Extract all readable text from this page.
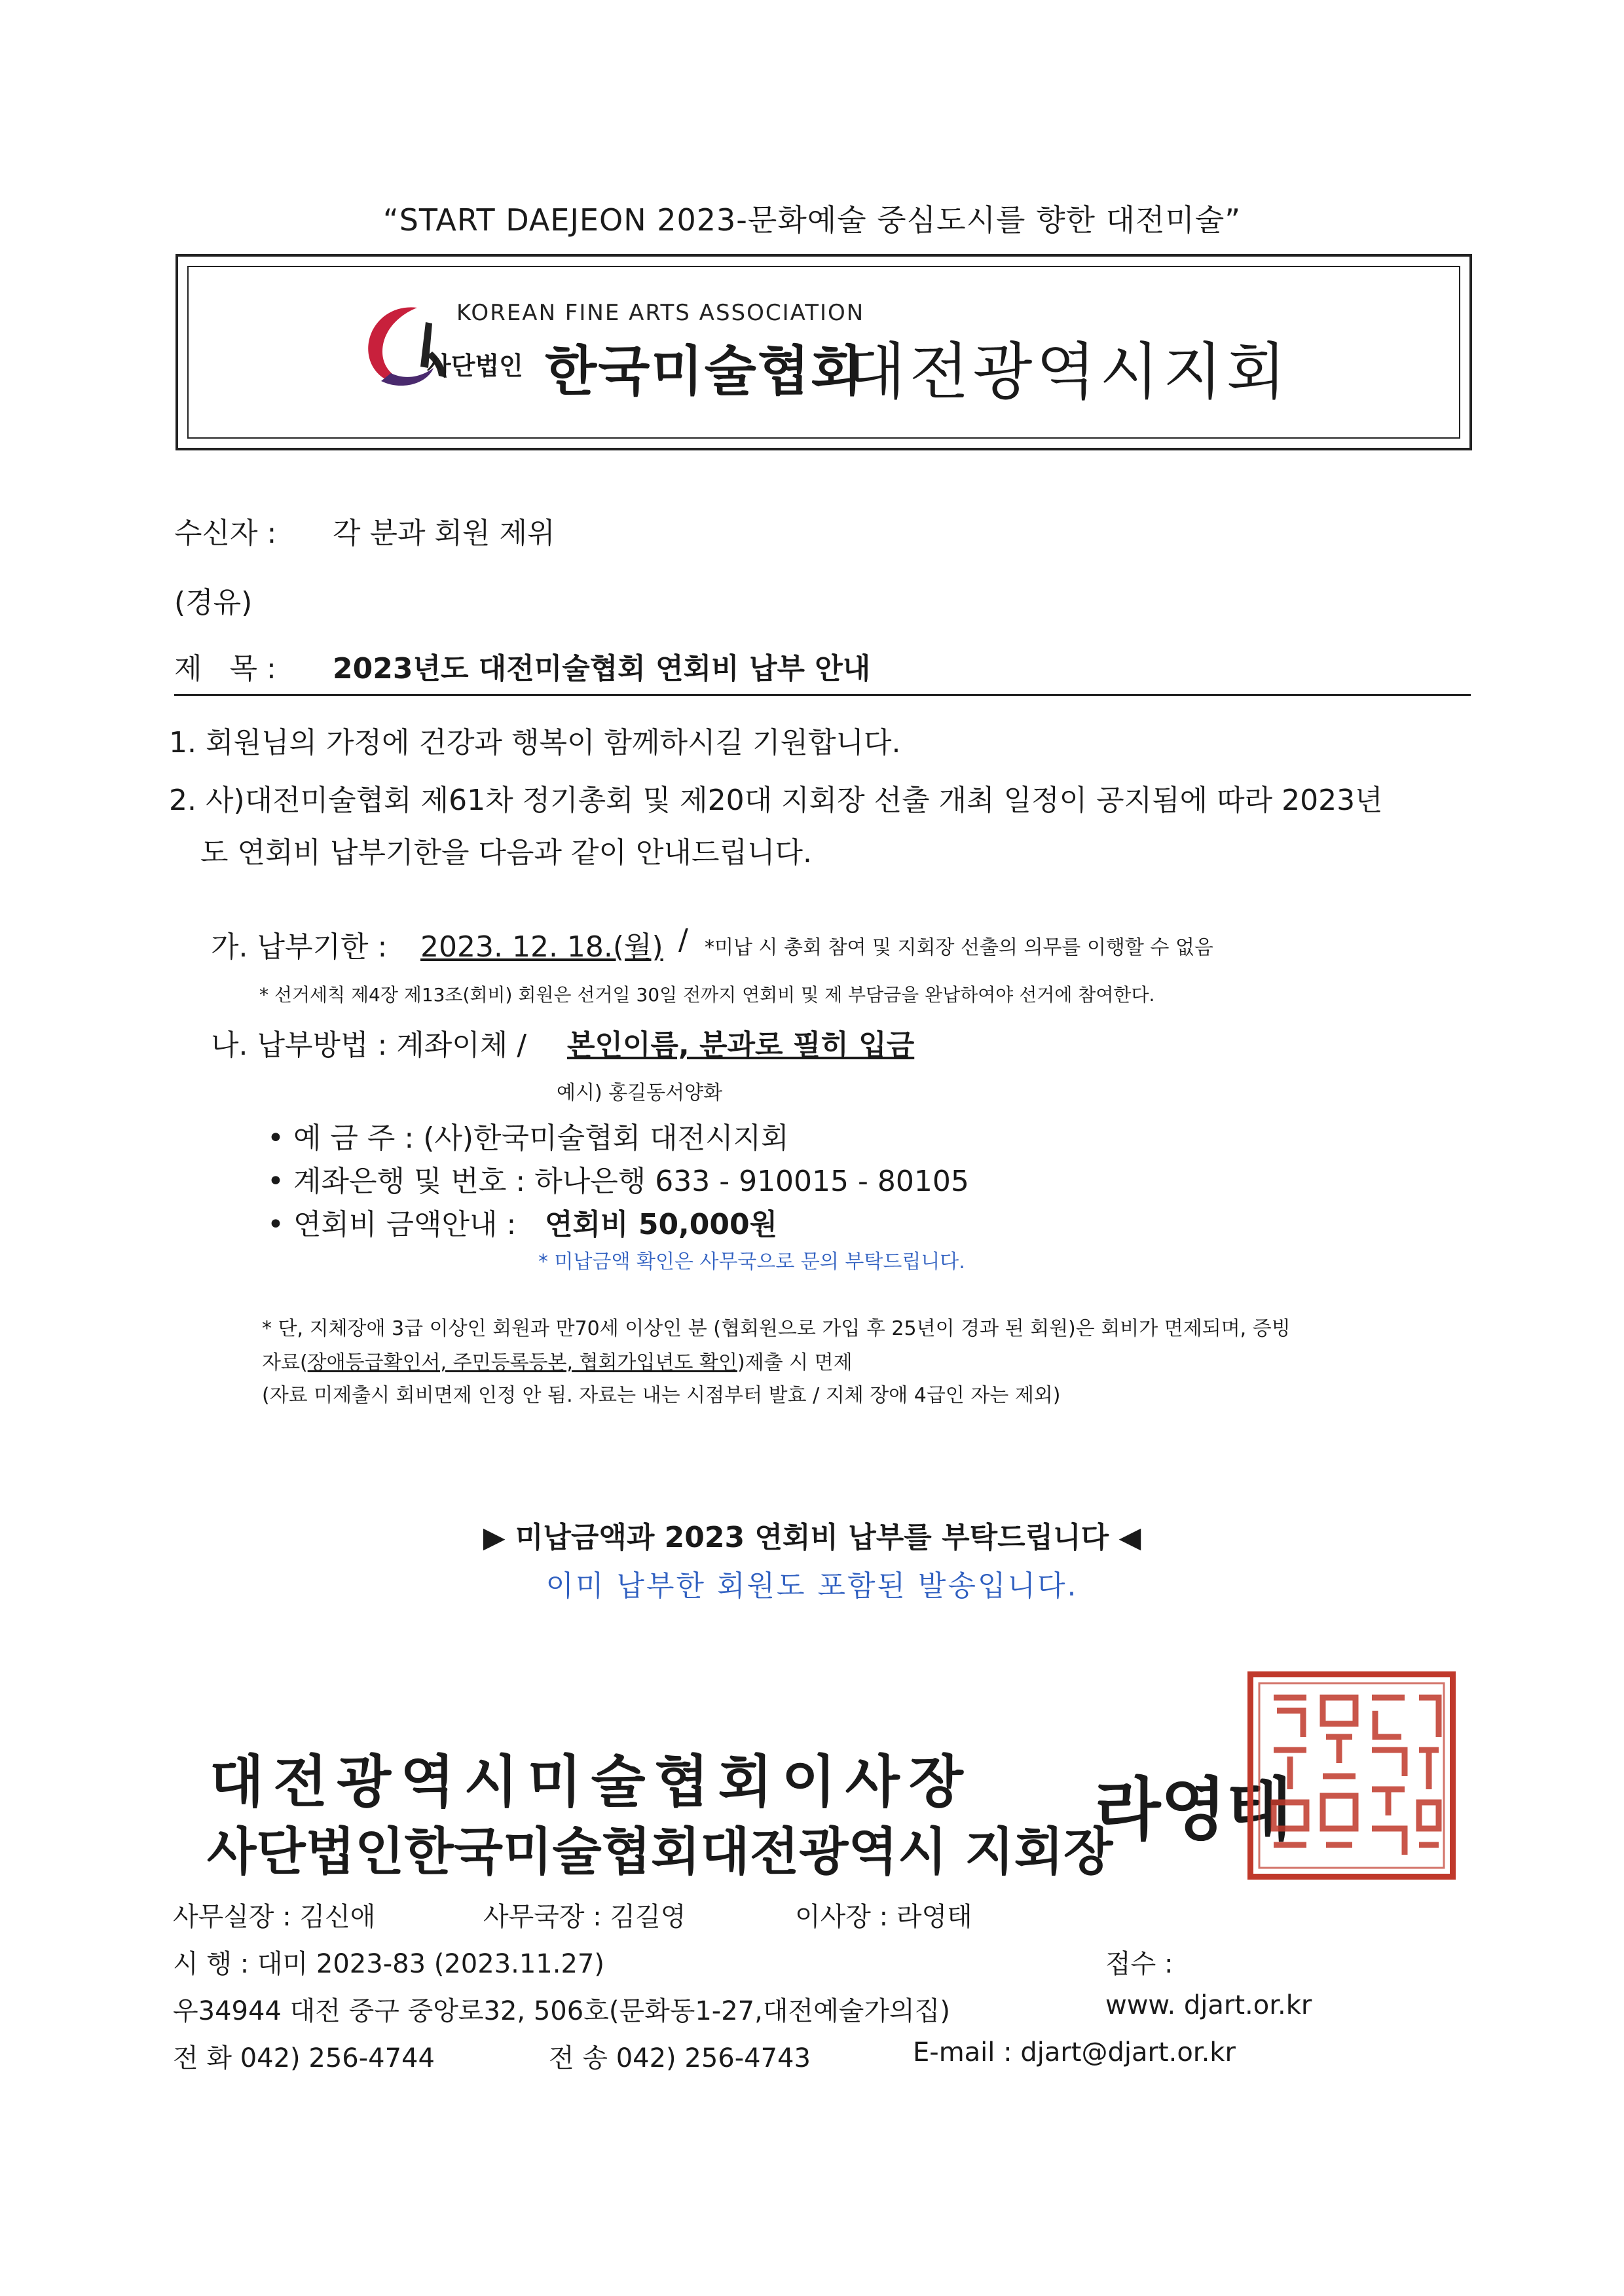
“START DAEJEON 2023-문화예술 중심도시를 향한 대전미술”
KOREAN FINE ARTS ASSOCIATION
사단법인 한국미술협회
대전광역시지회
수신자 : 각 분과 회원 제위
(경유)
제   목 : 2023년도 대전미술협회 연회비 납부 안내
1. 회원님의 가정에 건강과 행복이 함께하시길 기원합니다.
2. 사)대전미술협회 제61차 정기총회 및 제20대 지회장 선출 개최 일정이 공지됨에 따라 2023년
도 연회비 납부기한을 다음과 같이 안내드립니다.
가. 납부기한 : 2023. 12. 18.(월) / *미납 시 총회 참여 및 지회장 선출의 의무를 이행할 수 없음
* 선거세칙 제4장 제13조(회비) 회원은 선거일 30일 전까지 연회비 및 제 부담금을 완납하여야 선거에 참여한다.
나. 납부방법 : 계좌이체 / 본인이름, 분과로 필히 입금
예시) 홍길동서양화
• 예 금 주 : (사)한국미술협회 대전시지회
• 계좌은행 및 번호 : 하나은행 633 - 910015 - 80105
• 연회비 금액안내 : 연회비 50,000원
* 미납금액 확인은 사무국으로 문의 부탁드립니다.
* 단, 지체장애 3급 이상인 회원과 만70세 이상인 분 (협회원으로 가입 후 25년이 경과 된 회원)은 회비가 면제되며, 증빙
자료(장애등급확인서, 주민등록등본, 협회가입년도 확인)제출 시 면제
(자료 미제출시 회비면제 인정 안 됨. 자료는 내는 시점부터 발효 / 지체 장애 4급인 자는 제외)
▶ 미납금액과 2023 연회비 납부를 부탁드립니다 ◀
이미 납부한 회원도 포함된 발송입니다.
대전광역시미술협회이사장
사단법인한국미술협회대전광역시 지회장
라영태
사무실장 : 김신애	사무국장 : 김길영	이사장 : 라영태
시 행 : 대미 2023-83 (2023.11.27)	접수 :
우34944 대전 중구 중앙로32, 506호(문화동1-27,대전예술가의집)	www. djart.or.kr
전 화 042) 256-4744	전 송 042) 256-4743	E-mail : djart@djart.or.kr
